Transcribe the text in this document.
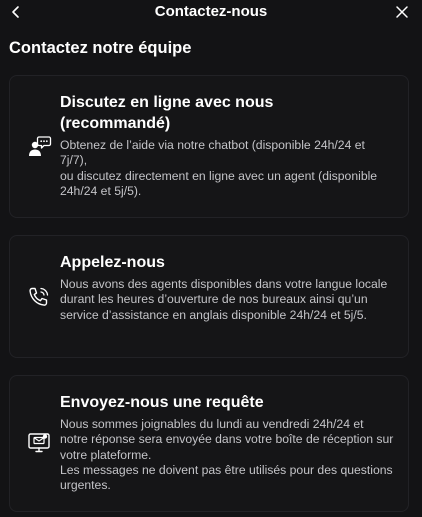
Contactez-nous
Contactez notre équipe
Discutez en ligne avec nous
(recommandé)
Obtenez de l’aide via notre chatbot (disponible 24h/24 et 7j/7),
ou discutez directement en ligne avec un agent (disponible 24h/24 et 5j/5).
Appelez-nous
Nous avons des agents disponibles dans votre langue locale durant les heures d’ouverture de nos bureaux ainsi qu’un service d’assistance en anglais disponible 24h/24 et 5j/5.
Envoyez-nous une requête
Nous sommes joignables du lundi au vendredi 24h/24 et notre réponse sera envoyée dans votre boîte de réception sur votre plateforme.
Les messages ne doivent pas être utilisés pour des questions urgentes.
